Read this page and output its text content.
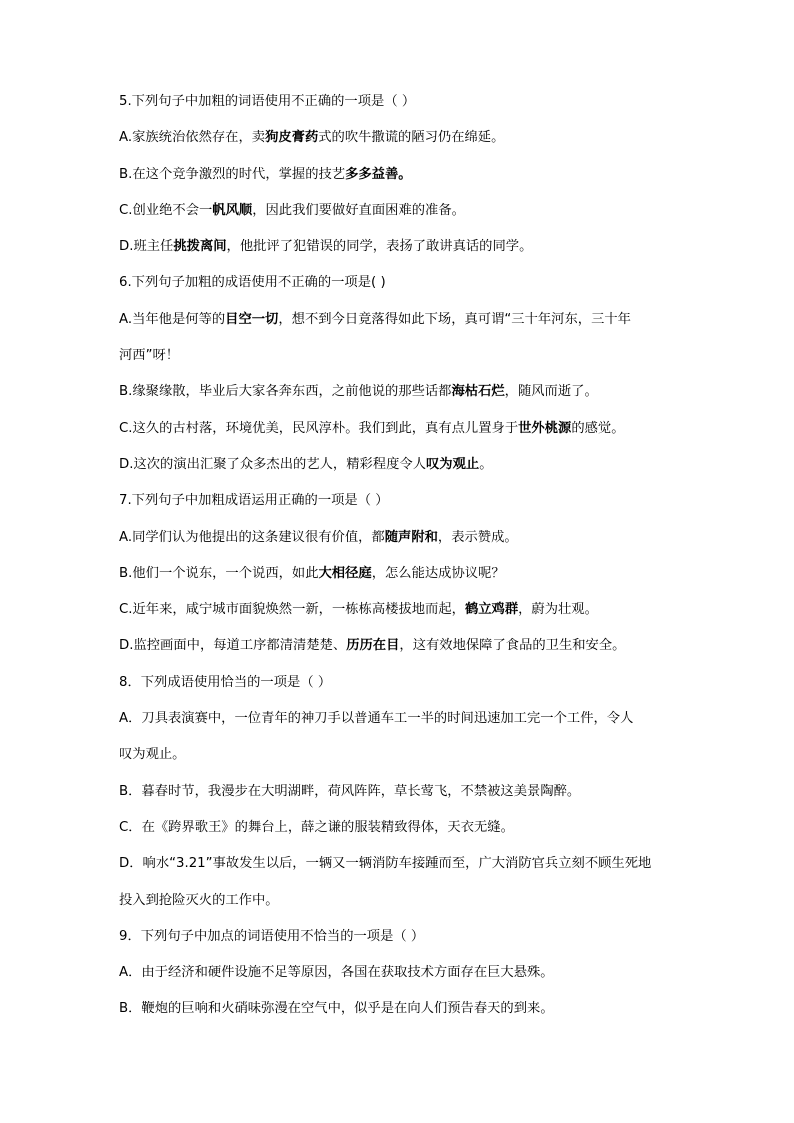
5.下列句子中加粗的词语使用不正确的一项是（ ）
A.家族统治依然存在，卖狗皮膏药式的吹牛撒谎的陋习仍在绵延。
B.在这个竞争激烈的时代，掌握的技艺多多益善。
C.创业绝不会一帆风顺，因此我们要做好直面困难的准备。
D.班主任挑拨离间，他批评了犯错误的同学，表扬了敢讲真话的同学。
6.下列句子加粗的成语使用不正确的一项是( )
A.当年他是何等的目空一切，想不到今日竟落得如此下场，真可谓“三十年河东，三十年
河西”呀！
B.缘聚缘散，毕业后大家各奔东西，之前他说的那些话都海枯石烂，随风而逝了。
C.这久的古村落，环境优美，民风淳朴。我们到此，真有点儿置身于世外桃源的感觉。
D.这次的演出汇聚了众多杰出的艺人，精彩程度令人叹为观止。
7.下列句子中加粗成语运用正确的一项是（ ）
A.同学们认为他提出的这条建议很有价值，都随声附和，表示赞成。
B.他们一个说东，一个说西，如此大相径庭，怎么能达成协议呢？
C.近年来，咸宁城市面貌焕然一新，一栋栋高楼拔地而起，鹤立鸡群，蔚为壮观。
D.监控画面中，每道工序都清清楚楚、历历在目，这有效地保障了食品的卫生和安全。
8．下列成语使用恰当的一项是（ ）
A．刀具表演赛中，一位青年的神刀手以普通车工一半的时间迅速加工完一个工件，令人
叹为观止。
B．暮春时节，我漫步在大明湖畔，荷风阵阵，草长莺飞，不禁被这美景陶醉。
C．在《跨界歌王》的舞台上，薛之谦的服装精致得体，天衣无缝。
D．响水“3.21”事故发生以后，一辆又一辆消防车接踵而至，广大消防官兵立刻不顾生死地
投入到抢险灭火的工作中。
9．下列句子中加点的词语使用不恰当的一项是（ ）
A．由于经济和硬件设施不足等原因，各国在获取技术方面存在巨大悬殊。
B．鞭炮的巨响和火硝味弥漫在空气中，似乎是在向人们预告春天的到来。
